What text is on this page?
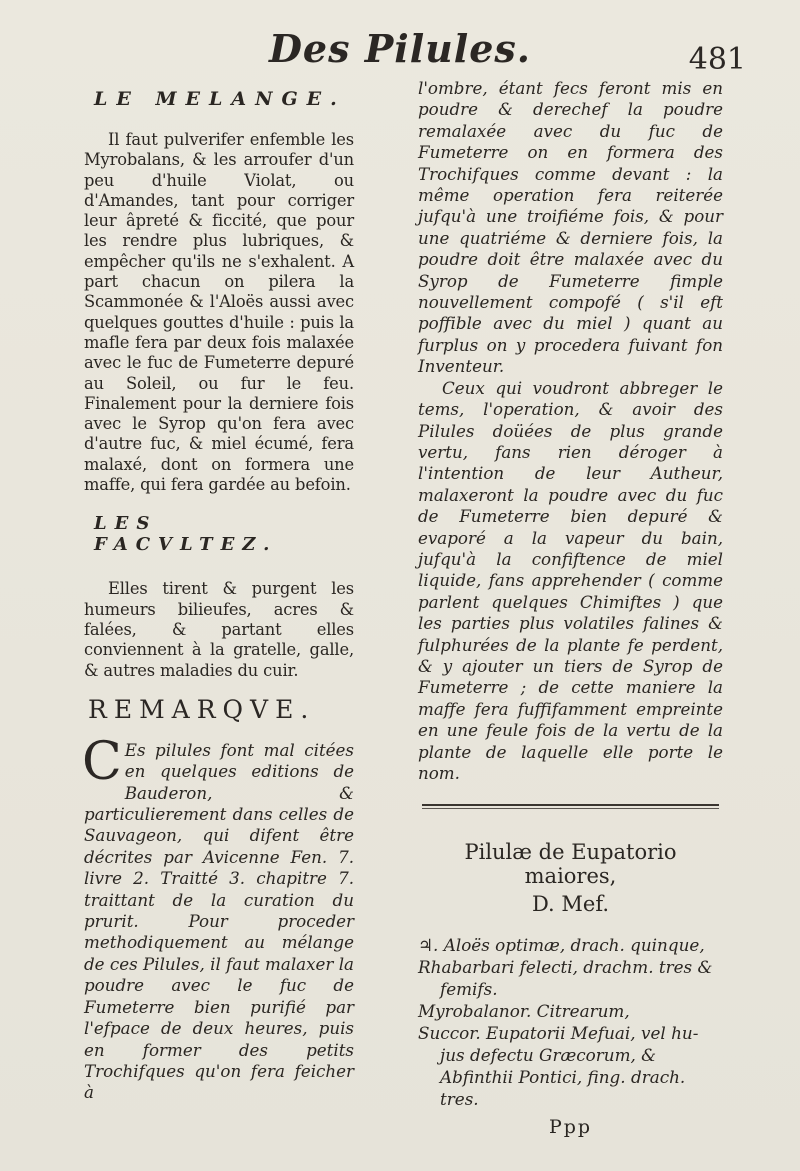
Des Pilules.	481
LE MELANGE.

Il faut pulverifer enfemble les Myrobalans, & les arroufer d'un peu d'huile Violat, ou d'Amandes, tant pour corriger leur âpreté & ficcité, que pour les rendre plus lubriques, & empêcher qu'ils ne s'exhalent. A part chacun on pilera la Scammonée & l'Aloës aussi avec quelques gouttes d'huile : puis la mafle fera par deux fois malaxée avec le fuc de Fumeterre depuré au Soleil, ou fur le feu. Finalement pour la derniere fois avec le Syrop qu'on fera avec d'autre fuc, & miel écumé, fera malaxé, dont on formera une maffe, qui fera gardée au befoin.

LES FACVLTEZ.

Elles tirent & purgent les humeurs bilieufes, acres & falées, & partant elles conviennent à la gratelle, galle, & autres maladies du cuir.

REMARQVE.

C Es pilules font mal citées en quelques editions de Bauderon, & particulierement dans celles de Sauvageon, qui difent être décrites par Avicenne Fen. 7. livre 2. Traitté 3. chapitre 7. traittant de la curation du prurit. Pour proceder methodiquement au mélange de ces Pilules, il faut malaxer la poudre avec le fuc de Fumeterre bien purifié par l'efpace de deux heures, puis en former des petits Trochifques qu'on fera feicher à

l'ombre, étant fecs feront mis en poudre & derechef la poudre remalaxée avec du fuc de Fumeterre on en formera des Trochifques comme devant : la même operation fera reiterée jufqu'à une troifiéme fois, & pour une quatriéme & derniere fois, la poudre doit être malaxée avec du Syrop de Fumeterre fimple nouvellement compofé ( s'il eft poffible avec du miel ) quant au furplus on y procedera fuivant fon Inventeur.

Ceux qui voudront abbreger le tems, l'operation, & avoir des Pilules doüées de plus grande vertu, fans rien déroger à l'intention de leur Autheur, malaxeront la poudre avec du fuc de Fumeterre bien depuré & evaporé a la vapeur du bain, jufqu'à la confiftence de miel liquide, fans apprehender ( comme parlent quelques Chimiftes ) que les parties plus volatiles falines & fulphurées de la plante fe perdent, & y ajouter un tiers de Syrop de Fumeterre ; de cette maniere la maffe fera fuffifamment empreinte en une feule fois de la vertu de la plante de laquelle elle porte le nom.

Pilulæ de Eupatorio maiores,
D. Mef.
♃. Aloës optimæ, drach. quinque,
Rhabarbari felecti, drachm. tres &
femifs.
Myrobalanor. Citrearum,
Succor. Eupatorii Mefuai, vel hu-
jus defectu Græcorum, &
Abfinthii Pontici, fing. drach.
tres.
Ppp
